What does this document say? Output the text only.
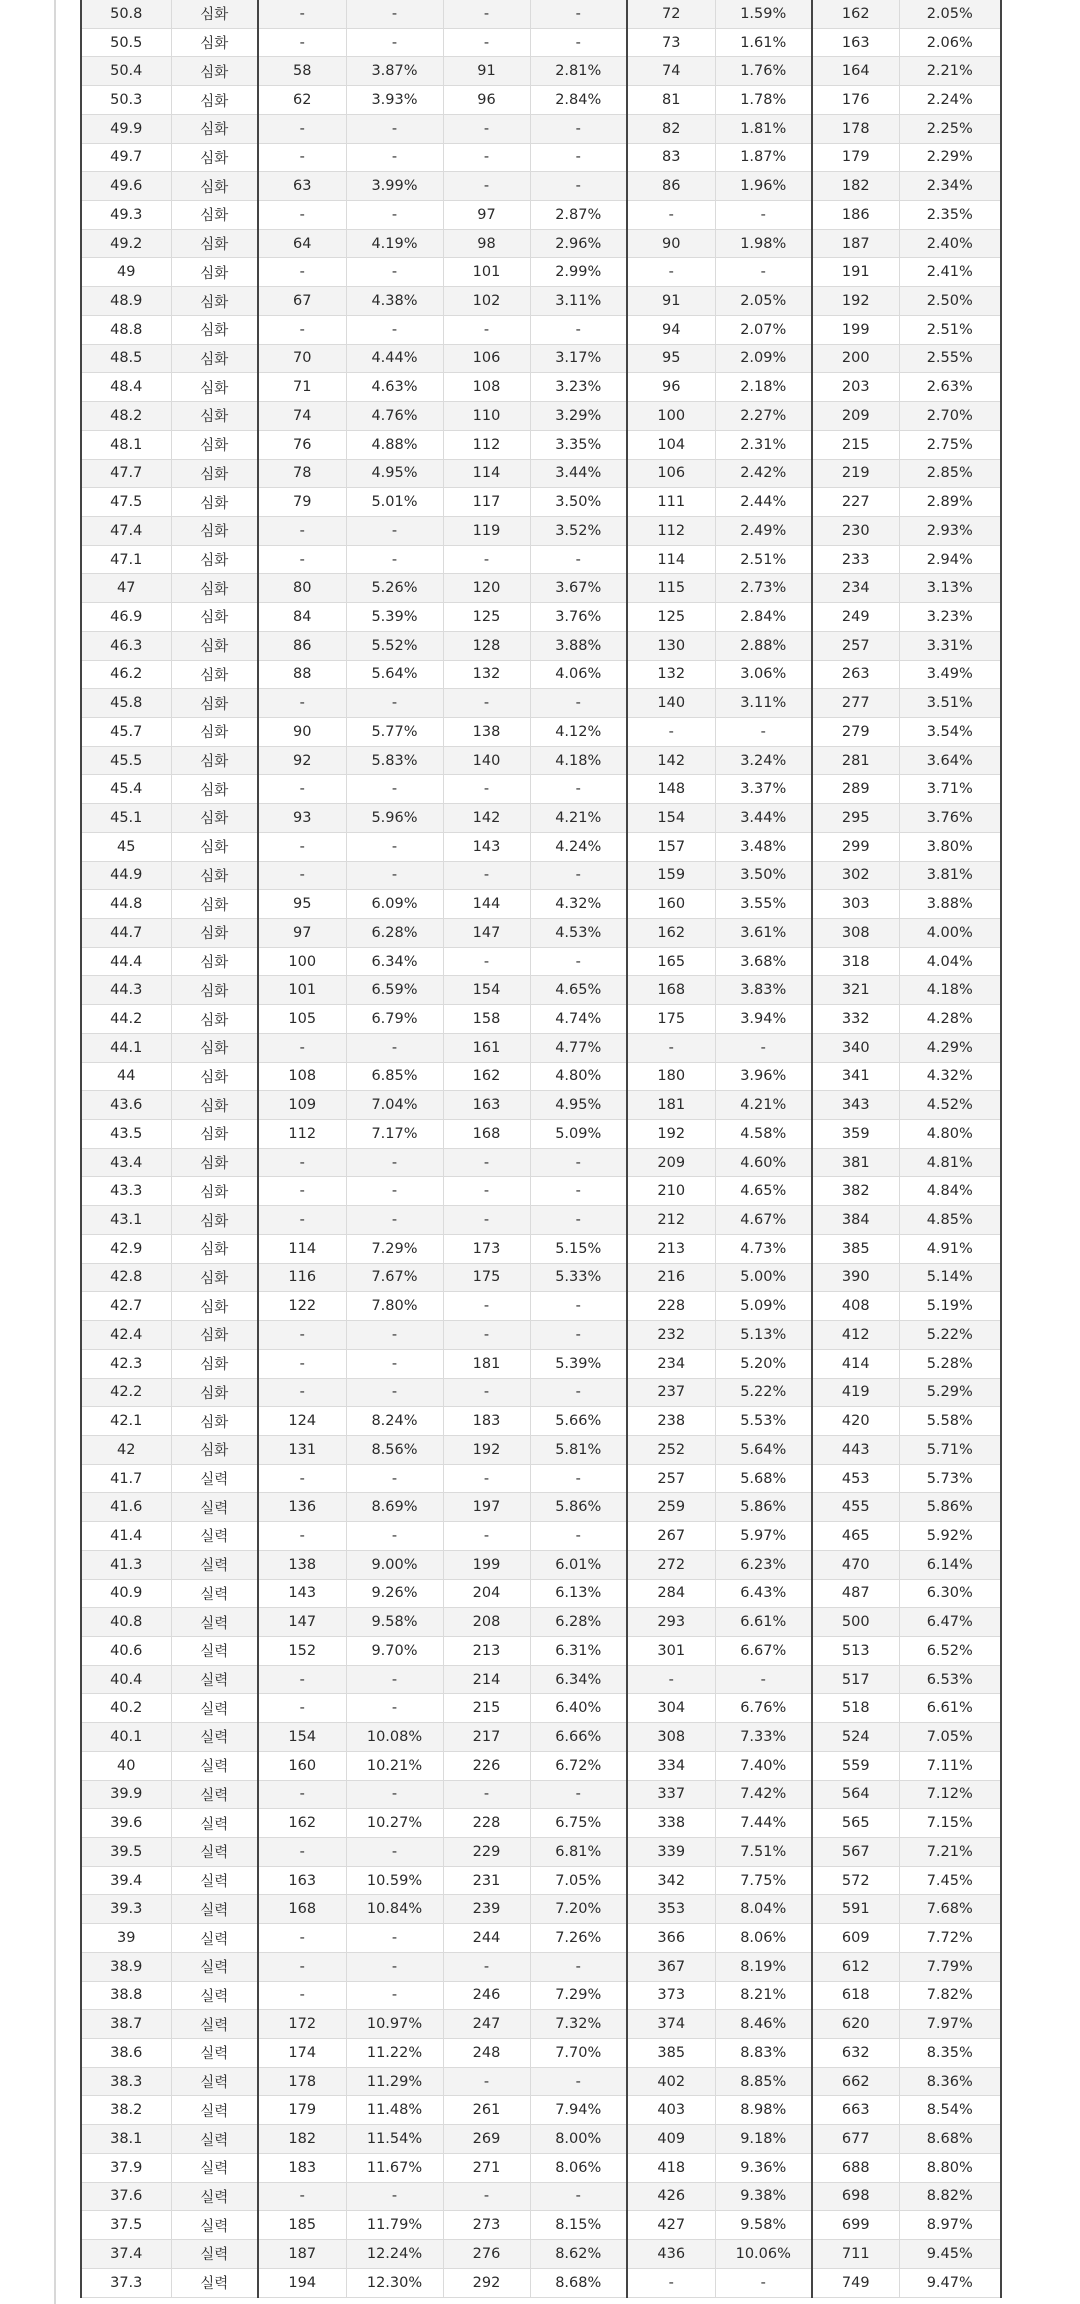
50.8	심화	-	-	-	-	72	1.59%	162	2.05%
50.5	심화	-	-	-	-	73	1.61%	163	2.06%
50.4	심화	58	3.87%	91	2.81%	74	1.76%	164	2.21%
50.3	심화	62	3.93%	96	2.84%	81	1.78%	176	2.24%
49.9	심화	-	-	-	-	82	1.81%	178	2.25%
49.7	심화	-	-	-	-	83	1.87%	179	2.29%
49.6	심화	63	3.99%	-	-	86	1.96%	182	2.34%
49.3	심화	-	-	97	2.87%	-	-	186	2.35%
49.2	심화	64	4.19%	98	2.96%	90	1.98%	187	2.40%
49	심화	-	-	101	2.99%	-	-	191	2.41%
48.9	심화	67	4.38%	102	3.11%	91	2.05%	192	2.50%
48.8	심화	-	-	-	-	94	2.07%	199	2.51%
48.5	심화	70	4.44%	106	3.17%	95	2.09%	200	2.55%
48.4	심화	71	4.63%	108	3.23%	96	2.18%	203	2.63%
48.2	심화	74	4.76%	110	3.29%	100	2.27%	209	2.70%
48.1	심화	76	4.88%	112	3.35%	104	2.31%	215	2.75%
47.7	심화	78	4.95%	114	3.44%	106	2.42%	219	2.85%
47.5	심화	79	5.01%	117	3.50%	111	2.44%	227	2.89%
47.4	심화	-	-	119	3.52%	112	2.49%	230	2.93%
47.1	심화	-	-	-	-	114	2.51%	233	2.94%
47	심화	80	5.26%	120	3.67%	115	2.73%	234	3.13%
46.9	심화	84	5.39%	125	3.76%	125	2.84%	249	3.23%
46.3	심화	86	5.52%	128	3.88%	130	2.88%	257	3.31%
46.2	심화	88	5.64%	132	4.06%	132	3.06%	263	3.49%
45.8	심화	-	-	-	-	140	3.11%	277	3.51%
45.7	심화	90	5.77%	138	4.12%	-	-	279	3.54%
45.5	심화	92	5.83%	140	4.18%	142	3.24%	281	3.64%
45.4	심화	-	-	-	-	148	3.37%	289	3.71%
45.1	심화	93	5.96%	142	4.21%	154	3.44%	295	3.76%
45	심화	-	-	143	4.24%	157	3.48%	299	3.80%
44.9	심화	-	-	-	-	159	3.50%	302	3.81%
44.8	심화	95	6.09%	144	4.32%	160	3.55%	303	3.88%
44.7	심화	97	6.28%	147	4.53%	162	3.61%	308	4.00%
44.4	심화	100	6.34%	-	-	165	3.68%	318	4.04%
44.3	심화	101	6.59%	154	4.65%	168	3.83%	321	4.18%
44.2	심화	105	6.79%	158	4.74%	175	3.94%	332	4.28%
44.1	심화	-	-	161	4.77%	-	-	340	4.29%
44	심화	108	6.85%	162	4.80%	180	3.96%	341	4.32%
43.6	심화	109	7.04%	163	4.95%	181	4.21%	343	4.52%
43.5	심화	112	7.17%	168	5.09%	192	4.58%	359	4.80%
43.4	심화	-	-	-	-	209	4.60%	381	4.81%
43.3	심화	-	-	-	-	210	4.65%	382	4.84%
43.1	심화	-	-	-	-	212	4.67%	384	4.85%
42.9	심화	114	7.29%	173	5.15%	213	4.73%	385	4.91%
42.8	심화	116	7.67%	175	5.33%	216	5.00%	390	5.14%
42.7	심화	122	7.80%	-	-	228	5.09%	408	5.19%
42.4	심화	-	-	-	-	232	5.13%	412	5.22%
42.3	심화	-	-	181	5.39%	234	5.20%	414	5.28%
42.2	심화	-	-	-	-	237	5.22%	419	5.29%
42.1	심화	124	8.24%	183	5.66%	238	5.53%	420	5.58%
42	심화	131	8.56%	192	5.81%	252	5.64%	443	5.71%
41.7	실력	-	-	-	-	257	5.68%	453	5.73%
41.6	실력	136	8.69%	197	5.86%	259	5.86%	455	5.86%
41.4	실력	-	-	-	-	267	5.97%	465	5.92%
41.3	실력	138	9.00%	199	6.01%	272	6.23%	470	6.14%
40.9	실력	143	9.26%	204	6.13%	284	6.43%	487	6.30%
40.8	실력	147	9.58%	208	6.28%	293	6.61%	500	6.47%
40.6	실력	152	9.70%	213	6.31%	301	6.67%	513	6.52%
40.4	실력	-	-	214	6.34%	-	-	517	6.53%
40.2	실력	-	-	215	6.40%	304	6.76%	518	6.61%
40.1	실력	154	10.08%	217	6.66%	308	7.33%	524	7.05%
40	실력	160	10.21%	226	6.72%	334	7.40%	559	7.11%
39.9	실력	-	-	-	-	337	7.42%	564	7.12%
39.6	실력	162	10.27%	228	6.75%	338	7.44%	565	7.15%
39.5	실력	-	-	229	6.81%	339	7.51%	567	7.21%
39.4	실력	163	10.59%	231	7.05%	342	7.75%	572	7.45%
39.3	실력	168	10.84%	239	7.20%	353	8.04%	591	7.68%
39	실력	-	-	244	7.26%	366	8.06%	609	7.72%
38.9	실력	-	-	-	-	367	8.19%	612	7.79%
38.8	실력	-	-	246	7.29%	373	8.21%	618	7.82%
38.7	실력	172	10.97%	247	7.32%	374	8.46%	620	7.97%
38.6	실력	174	11.22%	248	7.70%	385	8.83%	632	8.35%
38.3	실력	178	11.29%	-	-	402	8.85%	662	8.36%
38.2	실력	179	11.48%	261	7.94%	403	8.98%	663	8.54%
38.1	실력	182	11.54%	269	8.00%	409	9.18%	677	8.68%
37.9	실력	183	11.67%	271	8.06%	418	9.36%	688	8.80%
37.6	실력	-	-	-	-	426	9.38%	698	8.82%
37.5	실력	185	11.79%	273	8.15%	427	9.58%	699	8.97%
37.4	실력	187	12.24%	276	8.62%	436	10.06%	711	9.45%
37.3	실력	194	12.30%	292	8.68%	-	-	749	9.47%
